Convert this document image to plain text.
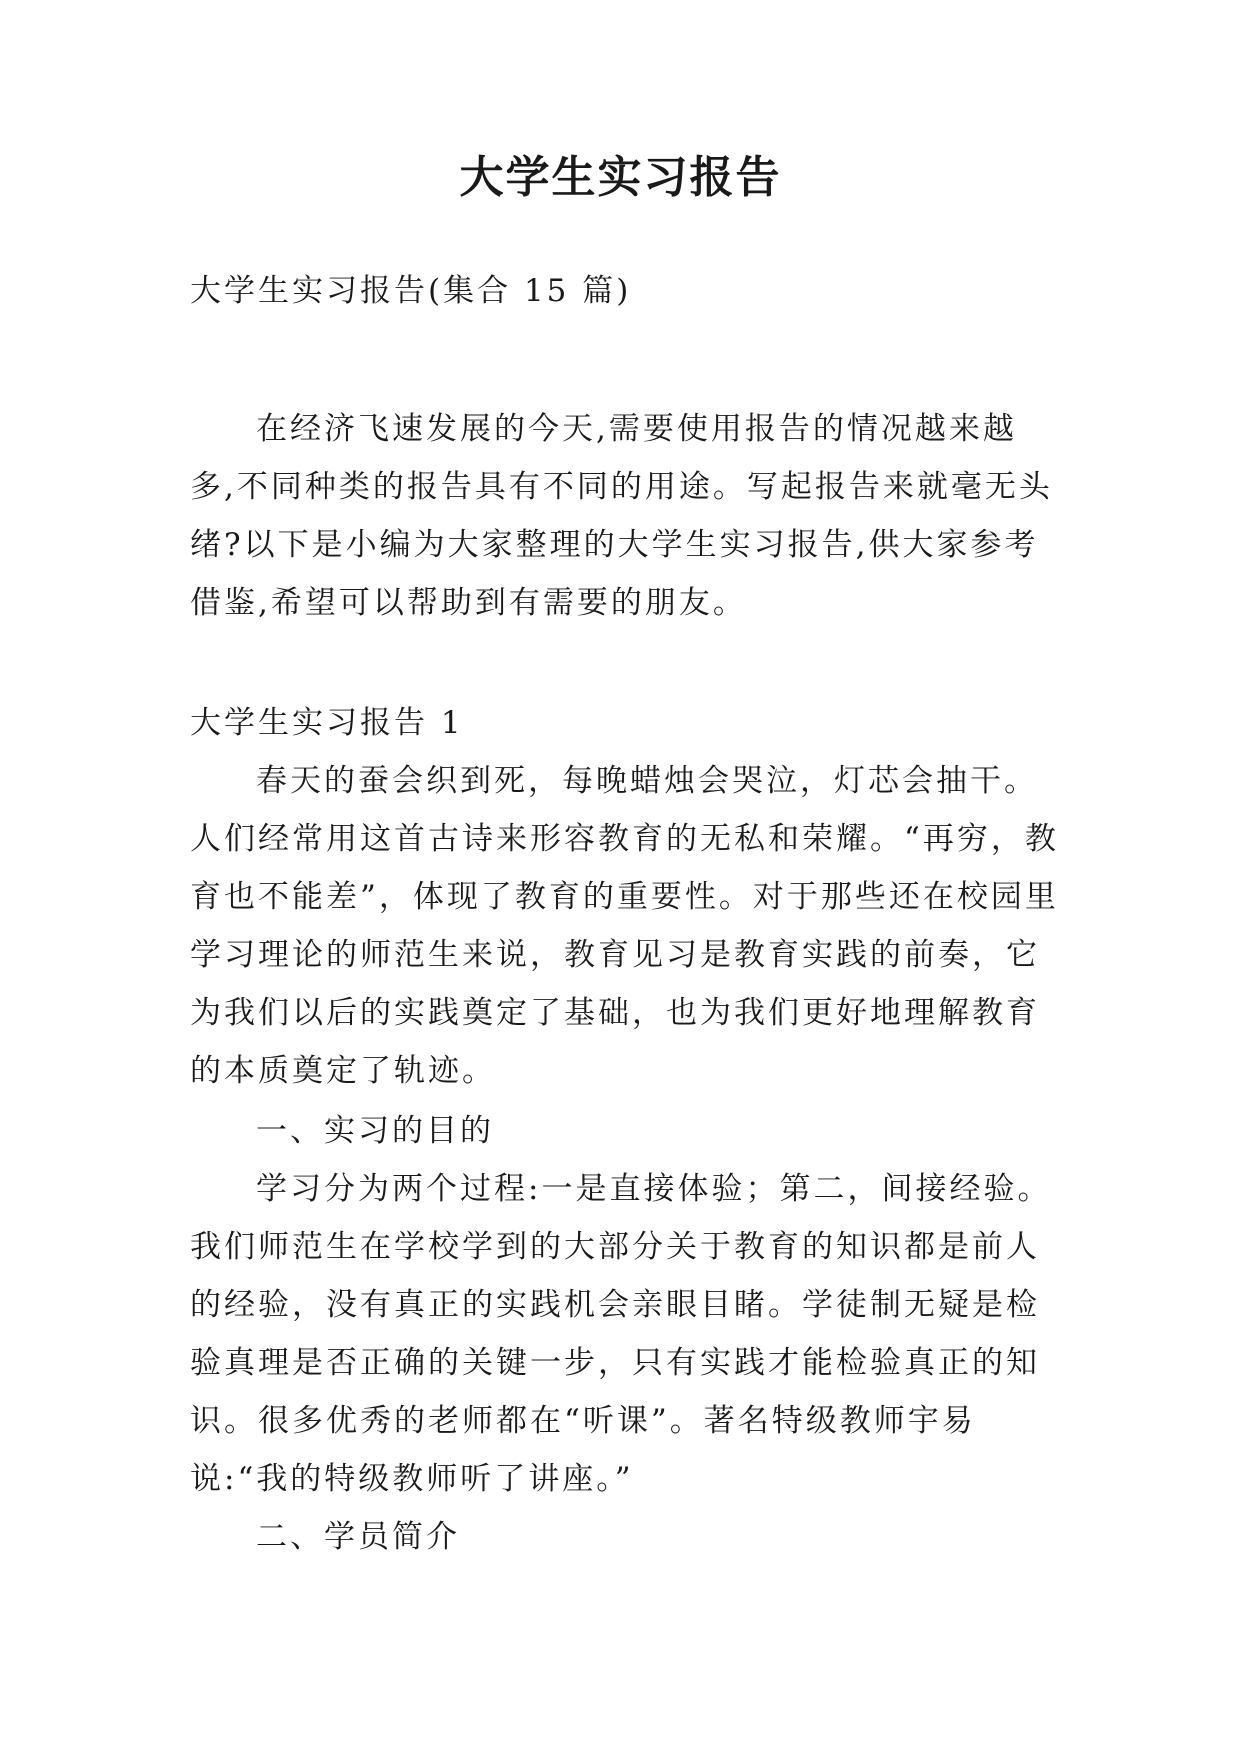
大学生实习报告
大学生实习报告(集合 15 篇)
在经济飞速发展的今天,需要使用报告的情况越来越多,不同种类的报告具有不同的用途。写起报告来就毫无头绪?以下是小编为大家整理的大学生实习报告,供大家参考借鉴,希望可以帮助到有需要的朋友。
大学生实习报告 1
春天的蚕会织到死，每晚蜡烛会哭泣，灯芯会抽干。人们经常用这首古诗来形容教育的无私和荣耀。“再穷，教育也不能差”，体现了教育的重要性。对于那些还在校园里学习理论的师范生来说，教育见习是教育实践的前奏，它为我们以后的实践奠定了基础，也为我们更好地理解教育的本质奠定了轨迹。
一、实习的目的
学习分为两个过程:一是直接体验；第二，间接经验。我们师范生在学校学到的大部分关于教育的知识都是前人的经验，没有真正的实践机会亲眼目睹。学徒制无疑是检验真理是否正确的关键一步，只有实践才能检验真正的知识。很多优秀的老师都在“听课”。著名特级教师宇易说:“我的特级教师听了讲座。”
二、学员简介
